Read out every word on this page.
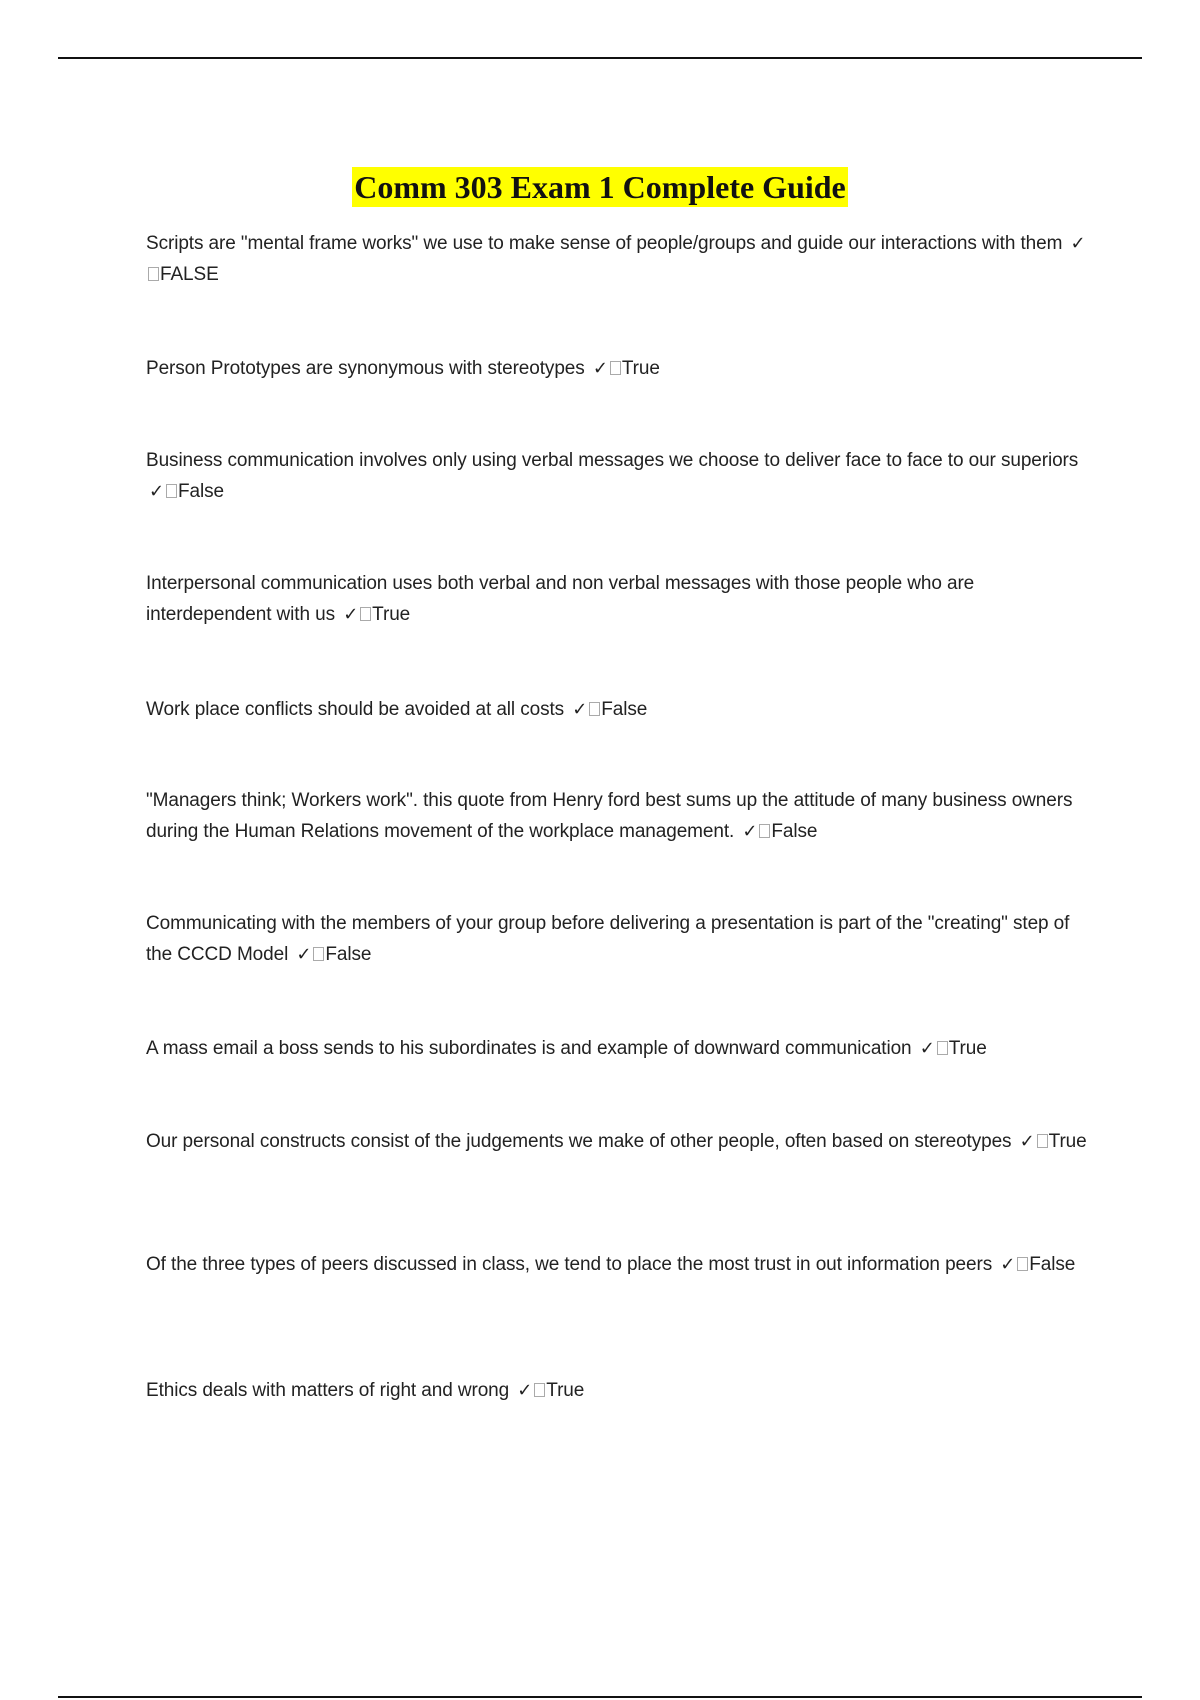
Comm 303 Exam 1 Complete Guide
Scripts are "mental frame works" we use to make sense of people/groups and guide our interactions with them ✓FALSE
Person Prototypes are synonymous with stereotypes ✓ True
Business communication involves only using verbal messages we choose to deliver face to face to our superiors ✓ False
Interpersonal communication uses both verbal and non verbal messages with those people who are interdependent with us ✓ True
Work place conflicts should be avoided at all costs ✓ False
"Managers think; Workers work". this quote from Henry ford best sums up the attitude of many business owners during the Human Relations movement of the workplace management. ✓ False
Communicating with the members of your group before delivering a presentation is part of the "creating" step of the CCCD Model ✓ False
A mass email a boss sends to his subordinates is and example of downward communication ✓ True
Our personal constructs consist of the judgements we make of other people, often based on stereotypes ✓ True
Of the three types of peers discussed in class, we tend to place the most trust in out information peers ✓ False
Ethics deals with matters of right and wrong ✓ True
